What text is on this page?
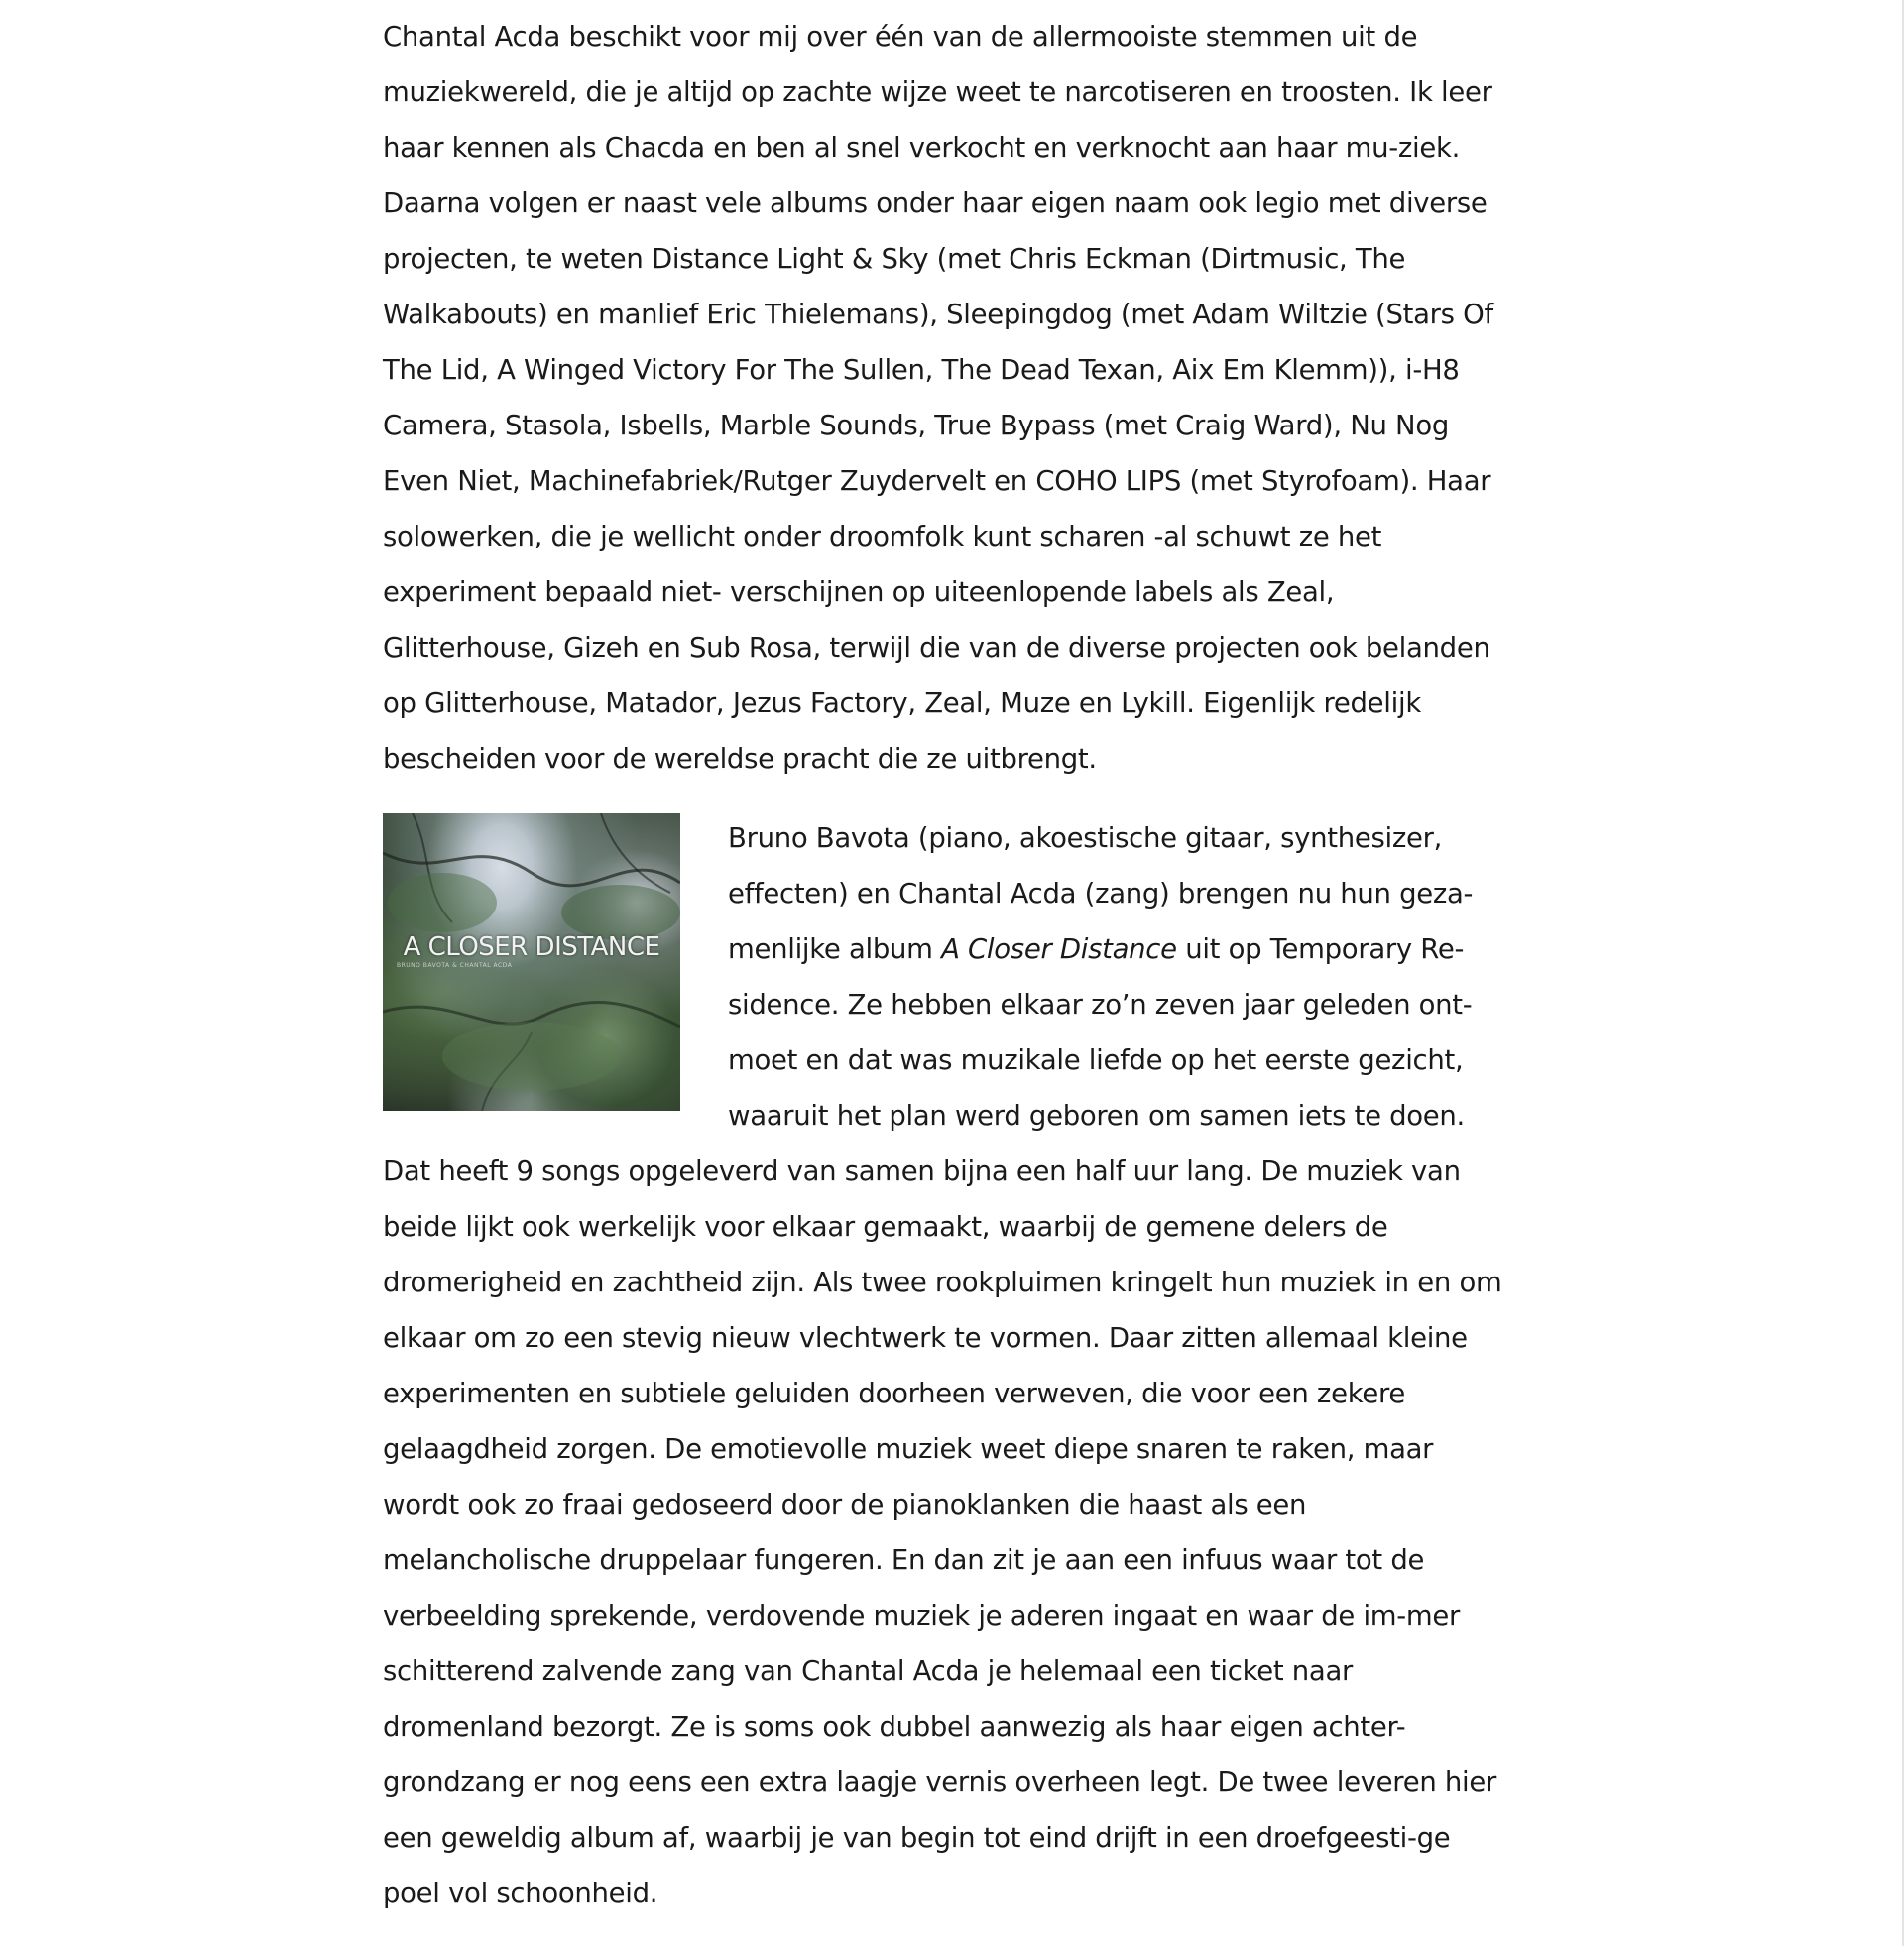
Chantal Acda beschikt voor mij over één van de allermooiste stemmen uit de muziekwereld, die je altijd op zachte wijze weet te narcotiseren en troosten. Ik leer haar kennen als Chacda en ben al snel verkocht en verknocht aan haar mu-ziek. Daarna volgen er naast vele albums onder haar eigen naam ook legio met diverse projecten, te weten Distance Light & Sky (met Chris Eckman (Dirtmusic, The Walkabouts) en manlief Eric Thielemans), Sleepingdog (met Adam Wiltzie (Stars Of The Lid, A Winged Victory For The Sullen, The Dead Texan, Aix Em Klemm)), i-H8 Camera, Stasola, Isbells, Marble Sounds, True Bypass (met Craig Ward), Nu Nog Even Niet, Machinefabriek/Rutger Zuydervelt en COHO LIPS (met Styrofoam). Haar solowerken, die je wellicht onder droomfolk kunt scharen -al schuwt ze het experiment bepaald niet- verschijnen op uiteenlopende labels als Zeal, Glitterhouse, Gizeh en Sub Rosa, terwijl die van de diverse projecten ook belanden op Glitterhouse, Matador, Jezus Factory, Zeal, Muze en Lykill. Eigenlijk redelijk bescheiden voor de wereldse pracht die ze uitbrengt.

A CLOSER DISTANCE
BRUNO BAVOTA & CHANTAL ACDA

Bruno Bavota (piano, akoestische gitaar, synthesizer, effecten) en Chantal Acda (zang) brengen nu hun geza-menlijke album A Closer Distance uit op Temporary Re-sidence. Ze hebben elkaar zo’n zeven jaar geleden ont-moet en dat was muzikale liefde op het eerste gezicht, waaruit het plan werd geboren om samen iets te doen. Dat heeft 9 songs opgeleverd van samen bijna een half uur lang. De muziek van beide lijkt ook werkelijk voor elkaar gemaakt, waarbij de gemene delers de dromerigheid en zachtheid zijn. Als twee rookpluimen kringelt hun muziek in en om elkaar om zo een stevig nieuw vlechtwerk te vormen. Daar zitten allemaal kleine experimenten en subtiele geluiden doorheen verweven, die voor een zekere gelaagdheid zorgen. De emotievolle muziek weet diepe snaren te raken, maar wordt ook zo fraai gedoseerd door de pianoklanken die haast als een melancholische druppelaar fungeren. En dan zit je aan een infuus waar tot de verbeelding sprekende, verdovende muziek je aderen ingaat en waar de im-mer schitterend zalvende zang van Chantal Acda je helemaal een ticket naar dromenland bezorgt. Ze is soms ook dubbel aanwezig als haar eigen achter-grondzang er nog eens een extra laagje vernis overheen legt. De twee leveren hier een geweldig album af, waarbij je van begin tot eind drijft in een droefgeesti-ge poel vol schoonheid.
